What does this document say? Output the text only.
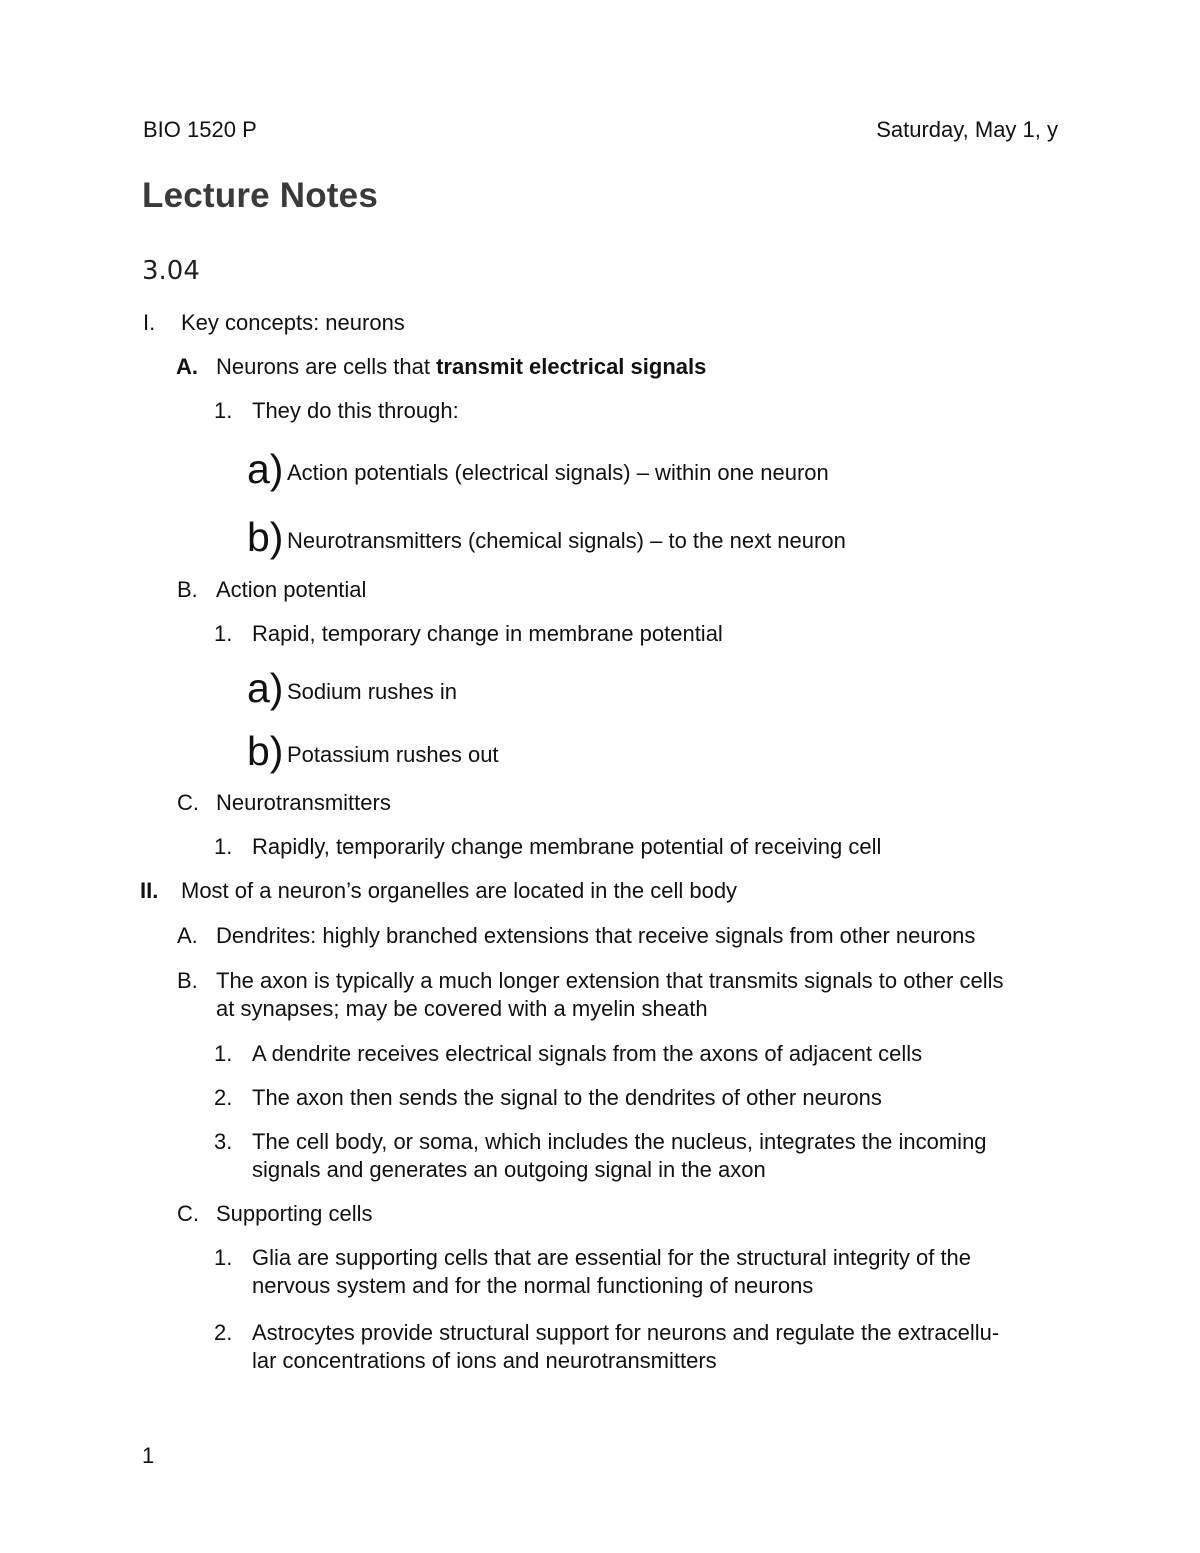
BIO 1520 P	Saturday, May 1, y
Lecture Notes
3.04
I. Key concepts: neurons
A. Neurons are cells that transmit electrical signals
1. They do this through:
a) Action potentials (electrical signals) – within one neuron
b) Neurotransmitters (chemical signals) – to the next neuron
B. Action potential
1. Rapid, temporary change in membrane potential
a) Sodium rushes in
b) Potassium rushes out
C. Neurotransmitters
1. Rapidly, temporarily change membrane potential of receiving cell
II. Most of a neuron’s organelles are located in the cell body
A. Dendrites: highly branched extensions that receive signals from other neurons
B. The axon is typically a much longer extension that transmits signals to other cells
at synapses; may be covered with a myelin sheath
1. A dendrite receives electrical signals from the axons of adjacent cells
2. The axon then sends the signal to the dendrites of other neurons
3. The cell body, or soma, which includes the nucleus, integrates the incoming
signals and generates an outgoing signal in the axon
C. Supporting cells
1. Glia are supporting cells that are essential for the structural integrity of the
nervous system and for the normal functioning of neurons
2. Astrocytes provide structural support for neurons and regulate the extracellu-
lar concentrations of ions and neurotransmitters
1
